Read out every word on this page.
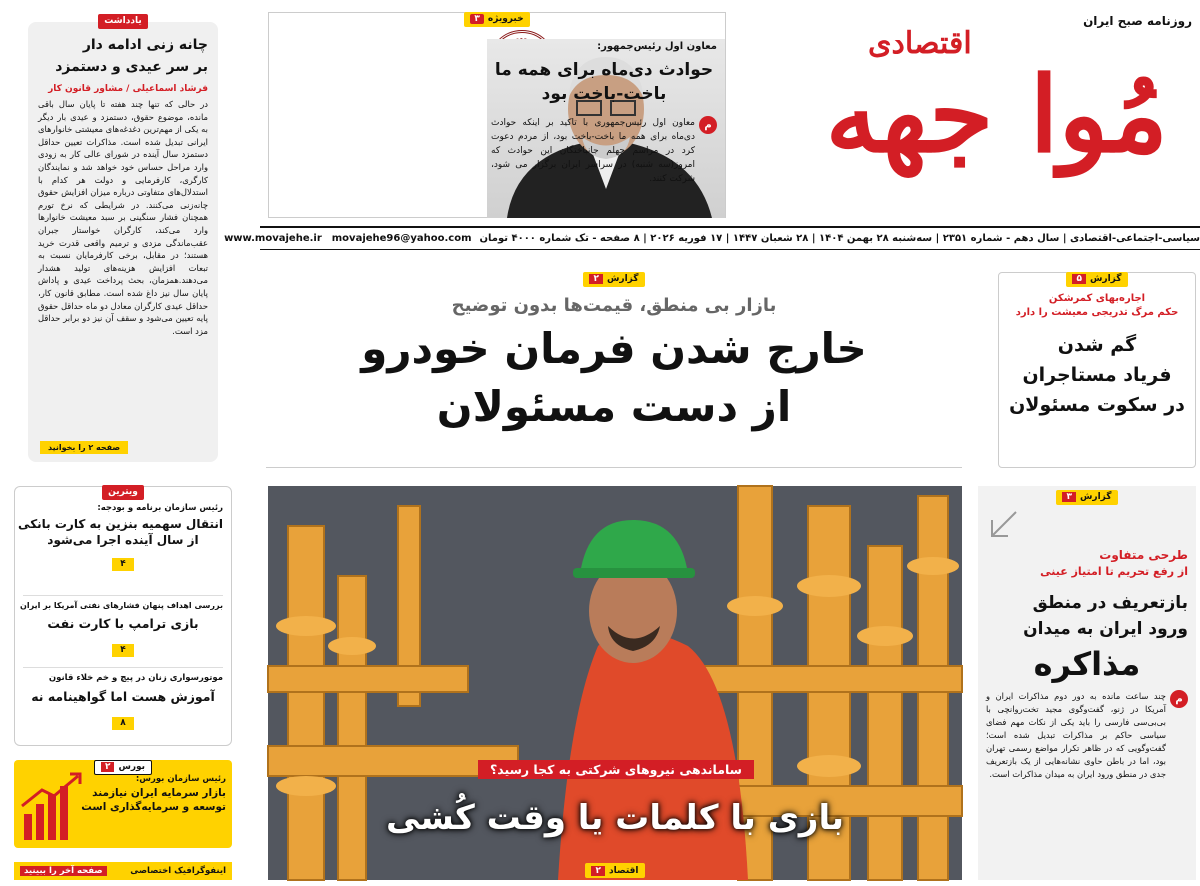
روزنامه صبح ایران
مُوا جهه
اقتصادی
سیاسی-اجتماعی-اقتصادی | سال دهم - شماره ۲۳۵۱ | سه‌شنبه ۲۸ بهمن ۱۴۰۴ | ۲۸ شعبان ۱۴۴۷ | ۱۷ فوریه ۲۰۲۶ | ۸ صفحه - تک شماره ۴۰۰۰ تومان
movajehe96@yahoo.com
www.movajehe.ir
خبرویژه
۳
معاون اول رئیس‌جمهور:
حوادث دی‌ماه برای همه ما
باخت-باخت بود
م
معاون اول رئیس‌جمهوری با تاکید بر اینکه حوادث دی‌ماه برای همه ما باخت-باخت بود، از مردم دعوت کرد در مراسم چهلم جانباختگان این حوادث که امروز(سه شنبه) در سراسر ایران برگزار می شود، شرکت کنند.
یادداشت
چانه زنی ادامه دار
بر سر عیدی و دستمزد
فرشاد اسماعیلی / مشاور قانون کار
در حالی که تنها چند هفته تا پایان سال باقی مانده، موضوع حقوق، دستمزد و عیدی بار دیگر به یکی از مهم‌ترین دغدغه‌های معیشتی خانوارهای ایرانی تبدیل شده است. مذاکرات تعیین حداقل دستمزد سال آینده در شورای عالی کار به زودی وارد مراحل حساس خود خواهد شد و نمایندگان کارگری، کارفرمایی و دولت هر کدام با استدلال‌های متفاوتی درباره میزان افزایش حقوق چانه‌زنی می‌کنند. در شرایطی که نرخ تورم همچنان فشار سنگینی بر سبد معیشت خانوارها وارد می‌کند، کارگران خواستار جبران عقب‌ماندگی مزدی و ترمیم واقعی قدرت خرید هستند؛ در مقابل، برخی کارفرمایان نسبت به تبعات افزایش هزینه‌های تولید هشدار می‌دهند.همزمان، بحث پرداخت عیدی و پاداش پایان سال نیز داغ شده است. مطابق قانون کار، حداقل عیدی کارگران معادل دو ماه حداقل حقوق پایه تعیین می‌شود و سقف آن نیز دو برابر حداقل مزد است.
صفحه ۲ را بخوانید
ویترین
رئیس سازمان برنامه و بودجه:
انتقال سهمیه بنزین به کارت بانکی
از سال آینده اجرا می‌شود
۴
بررسی اهداف پنهان فشارهای نفتی آمریکا بر ایران
بازی ترامپ با کارت نفت
۴
موتورسواری زنان در پیچ و خم خلاء قانون
آموزش هست اما گواهینامه نه
۸
بورس
۲
رئیس سازمان بورس:
بازار سرمایه ایران نیازمند
توسعه و سرمایه‌گذاری است
اینفوگرافیک اختصاصی
صفحه آخر را ببینید
گزارش
۲
بازار بی منطق، قیمت‌ها بدون توضیح
خارج شدن فرمان خودرو
از دست مسئولان
ساماندهی نیروهای شرکتی به کجا رسید؟
بازی با کلمات یا وقت کُشی
اقتصاد
۲
گزارش
۵
اجاره‌بهای کمرشکن
حکم مرگ تدریجی معیشت را دارد
گم شدن
فریاد مستاجران
در سکوت مسئولان
گزارش
۳
طرحی متفاوت
از رفع تحریم تا امتیاز عینی
بازتعریف در منطق
ورود ایران به میدان
مذاکره
م
چند ساعت مانده به دور دوم مذاکرات ایران و آمریکا در ژنو، گفت‌وگوی مجید تخت‌روانچی با بی‌بی‌سی فارسی را باید یکی از نکات مهم فضای سیاسی حاکم بر مذاکرات تبدیل شده است؛ گفت‌وگویی که در ظاهر تکرار مواضع رسمی تهران بود، اما در باطن حاوی نشانه‌هایی از یک بازتعریف جدی در منطق ورود ایران به میدان مذاکرات است.
